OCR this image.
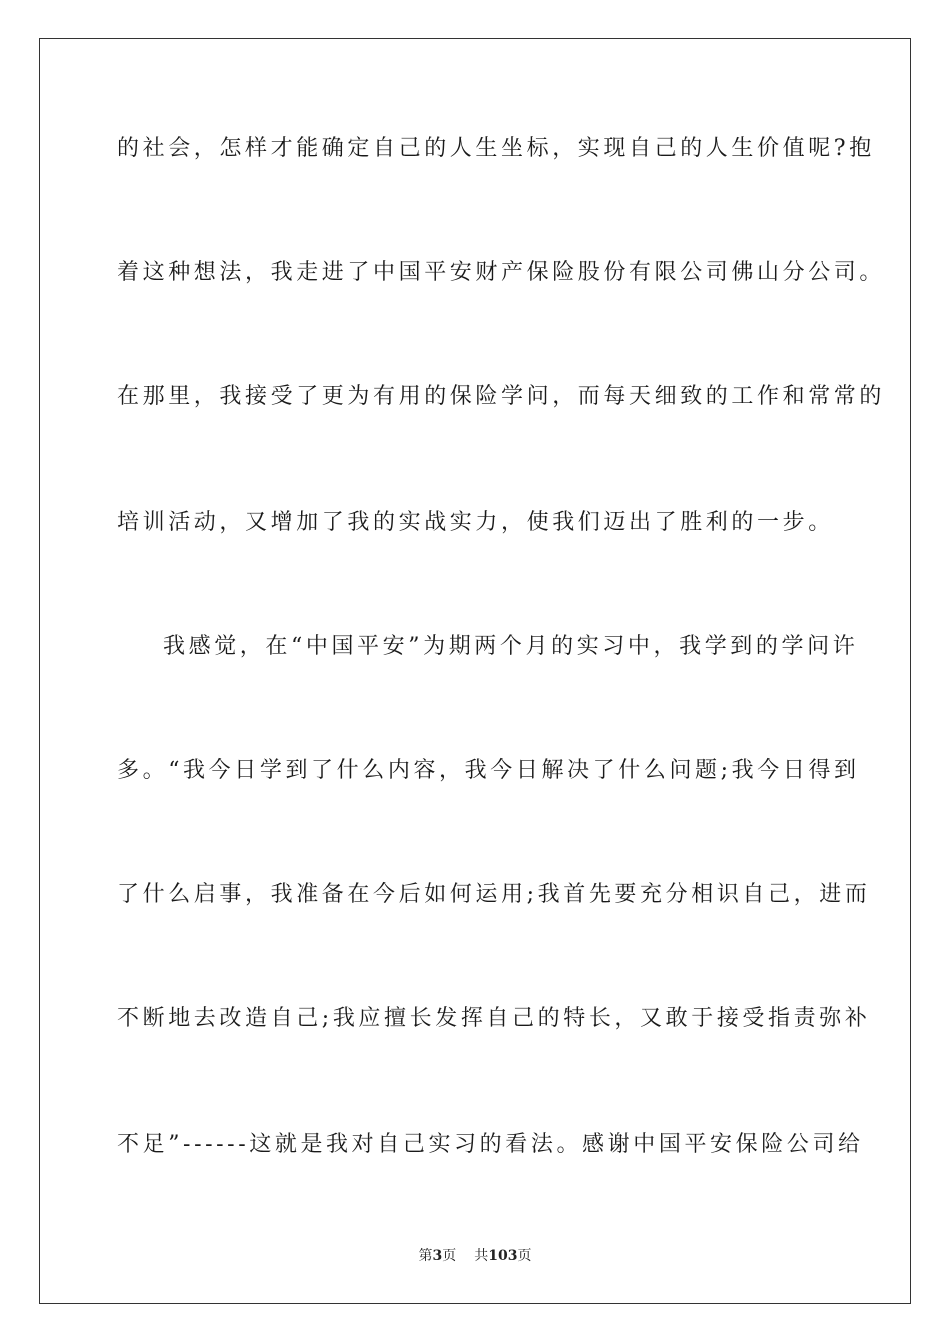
的社会，怎样才能确定自己的人生坐标，实现自己的人生价值呢?抱
着这种想法，我走进了中国平安财产保险股份有限公司佛山分公司。
在那里，我接受了更为有用的保险学问，而每天细致的工作和常常的
培训活动，又增加了我的实战实力，使我们迈出了胜利的一步。
我感觉，在“中国平安”为期两个月的实习中，我学到的学问许
多。“我今日学到了什么内容，我今日解决了什么问题;我今日得到
了什么启事，我准备在今后如何运用;我首先要充分相识自己，进而
不断地去改造自己;我应擅长发挥自己的特长，又敢于接受指责弥补
不足”------这就是我对自己实习的看法。感谢中国平安保险公司给
第3页 共103页
